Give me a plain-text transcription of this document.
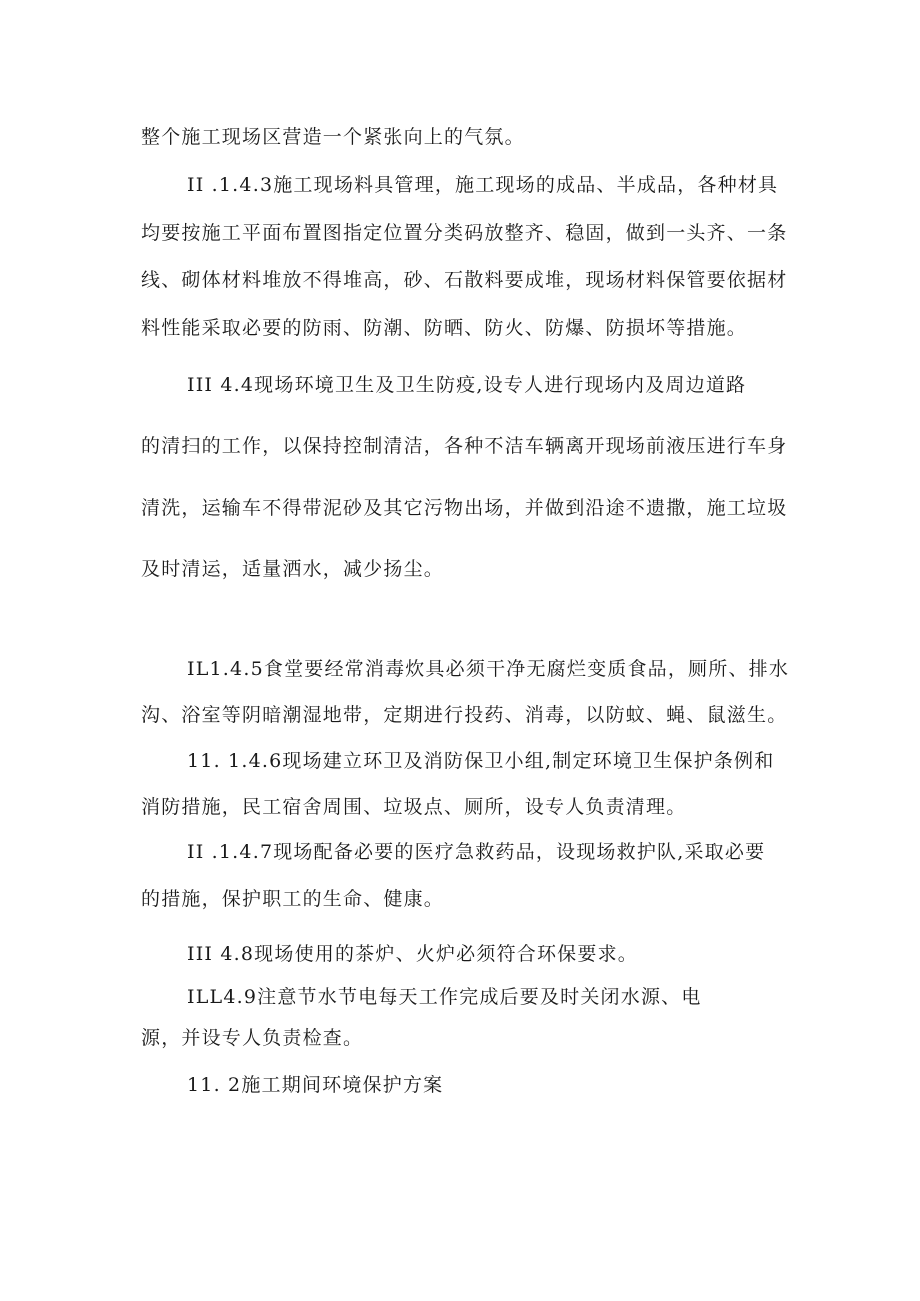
整个施工现场区营造一个紧张向上的气氛。
II .1.4.3施工现场料具管理，施工现场的成品、半成品，各种材具
均要按施工平面布置图指定位置分类码放整齐、稳固，做到一头齐、一条
线、砌体材料堆放不得堆高，砂、石散料要成堆，现场材料保管要依据材
料性能采取必要的防雨、防潮、防晒、防火、防爆、防损坏等措施。
III 4.4现场环境卫生及卫生防疫,设专人进行现场内及周边道路
的清扫的工作，以保持控制清洁，各种不洁车辆离开现场前液压进行车身
清洗，运输车不得带泥砂及其它污物出场，并做到沿途不遗撒，施工垃圾
及时清运，适量洒水，减少扬尘。
IL1.4.5食堂要经常消毒炊具必须干净无腐烂变质食品，厕所、排水
沟、浴室等阴暗潮湿地带，定期进行投药、消毒，以防蚊、蝇、鼠滋生。
11. 1.4.6现场建立环卫及消防保卫小组,制定环境卫生保护条例和
消防措施，民工宿舍周围、垃圾点、厕所，设专人负责清理。
II .1.4.7现场配备必要的医疗急救药品，设现场救护队,采取必要
的措施，保护职工的生命、健康。
III 4.8现场使用的茶炉、火炉必须符合环保要求。
ILL4.9注意节水节电每天工作完成后要及时关闭水源、电
源，并设专人负责检查。
11. 2施工期间环境保护方案
